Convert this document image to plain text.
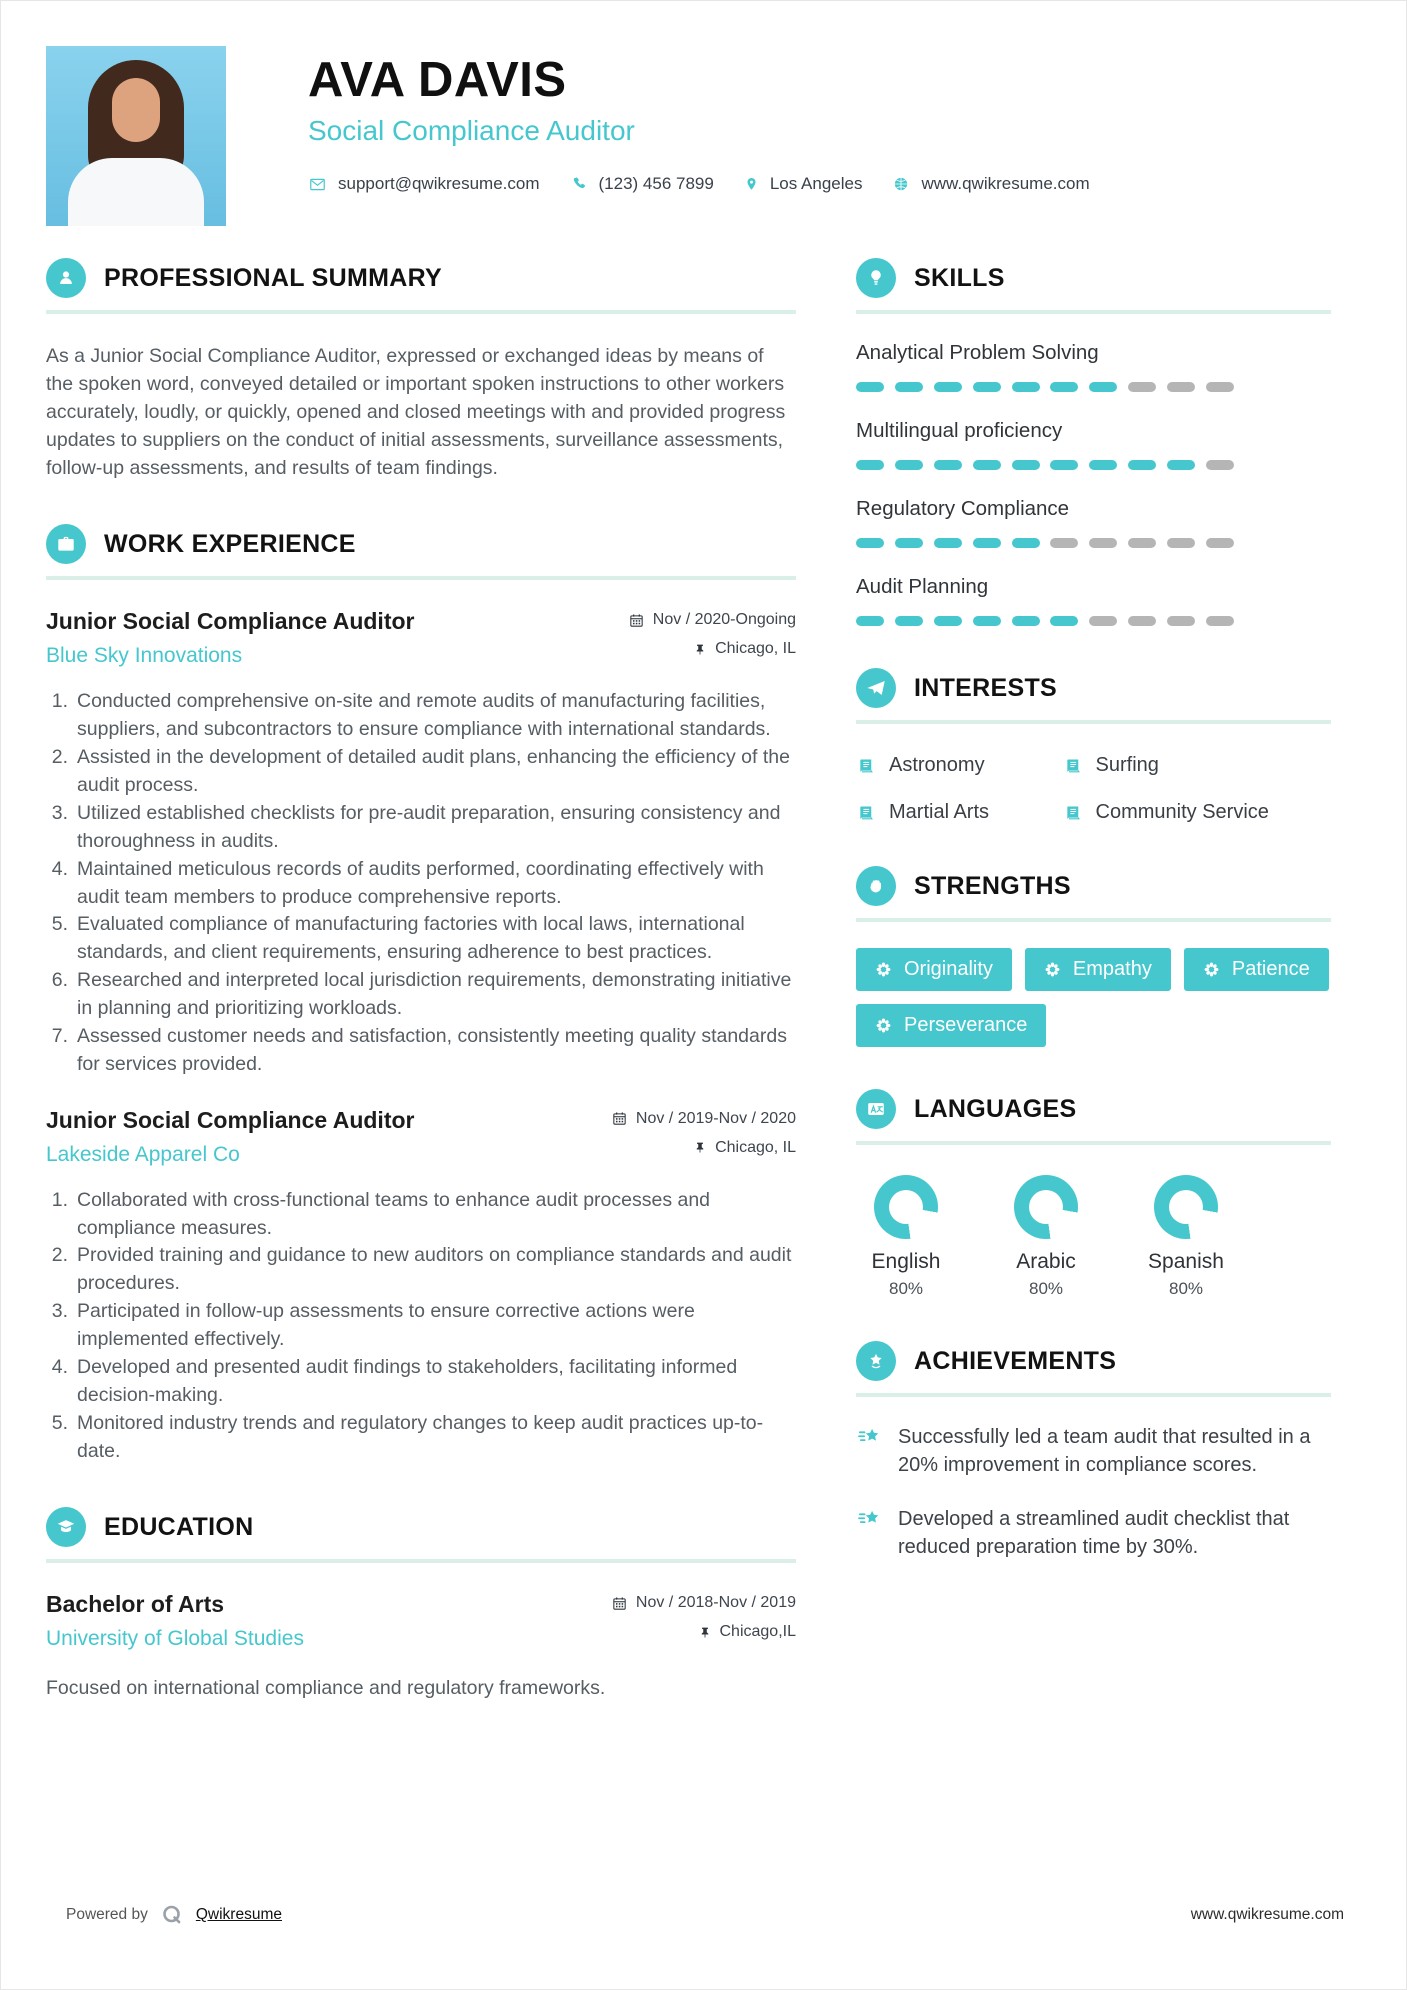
AVA DAVIS
Social Compliance Auditor
support@qwikresume.com	(123) 456 7899	Los Angeles	www.qwikresume.com
PROFESSIONAL SUMMARY

As a Junior Social Compliance Auditor, expressed or exchanged ideas by means of the spoken word, conveyed detailed or important spoken instructions to other workers accurately, loudly, or quickly, opened and closed meetings with and provided progress updates to suppliers on the conduct of initial assessments, surveillance assessments, follow-up assessments, and results of team findings.

WORK EXPERIENCE
Junior Social Compliance Auditor
Blue Sky Innovations
Nov / 2020-Ongoing
Chicago, IL
Conducted comprehensive on-site and remote audits of manufacturing facilities, suppliers, and subcontractors to ensure compliance with international standards.
Assisted in the development of detailed audit plans, enhancing the efficiency of the audit process.
Utilized established checklists for pre-audit preparation, ensuring consistency and thoroughness in audits.
Maintained meticulous records of audits performed, coordinating effectively with audit team members to produce comprehensive reports.
Evaluated compliance of manufacturing factories with local laws, international standards, and client requirements, ensuring adherence to best practices.
Researched and interpreted local jurisdiction requirements, demonstrating initiative in planning and prioritizing workloads.
Assessed customer needs and satisfaction, consistently meeting quality standards for services provided.
Junior Social Compliance Auditor
Lakeside Apparel Co
Nov / 2019-Nov / 2020
Chicago, IL
Collaborated with cross-functional teams to enhance audit processes and compliance measures.
Provided training and guidance to new auditors on compliance standards and audit procedures.
Participated in follow-up assessments to ensure corrective actions were implemented effectively.
Developed and presented audit findings to stakeholders, facilitating informed decision-making.
Monitored industry trends and regulatory changes to keep audit practices up-to-date.
EDUCATION
Bachelor of Arts
University of Global Studies
Nov / 2018-Nov / 2019
Chicago,IL

Focused on international compliance and regulatory frameworks.

SKILLS
Analytical Problem Solving
Multilingual proficiency
Regulatory Compliance
Audit Planning
INTERESTS
Astronomy	Surfing
Martial Arts	Community Service
STRENGTHS
Originality	Empathy	Patience
Perseverance
LANGUAGES
English
80%
Arabic
80%
Spanish
80%
ACHIEVEMENTS

Successfully led a team audit that resulted in a 20% improvement in compliance scores.

Developed a streamlined audit checklist that reduced preparation time by 30%.

Powered by	Qwikresume	www.qwikresume.com
